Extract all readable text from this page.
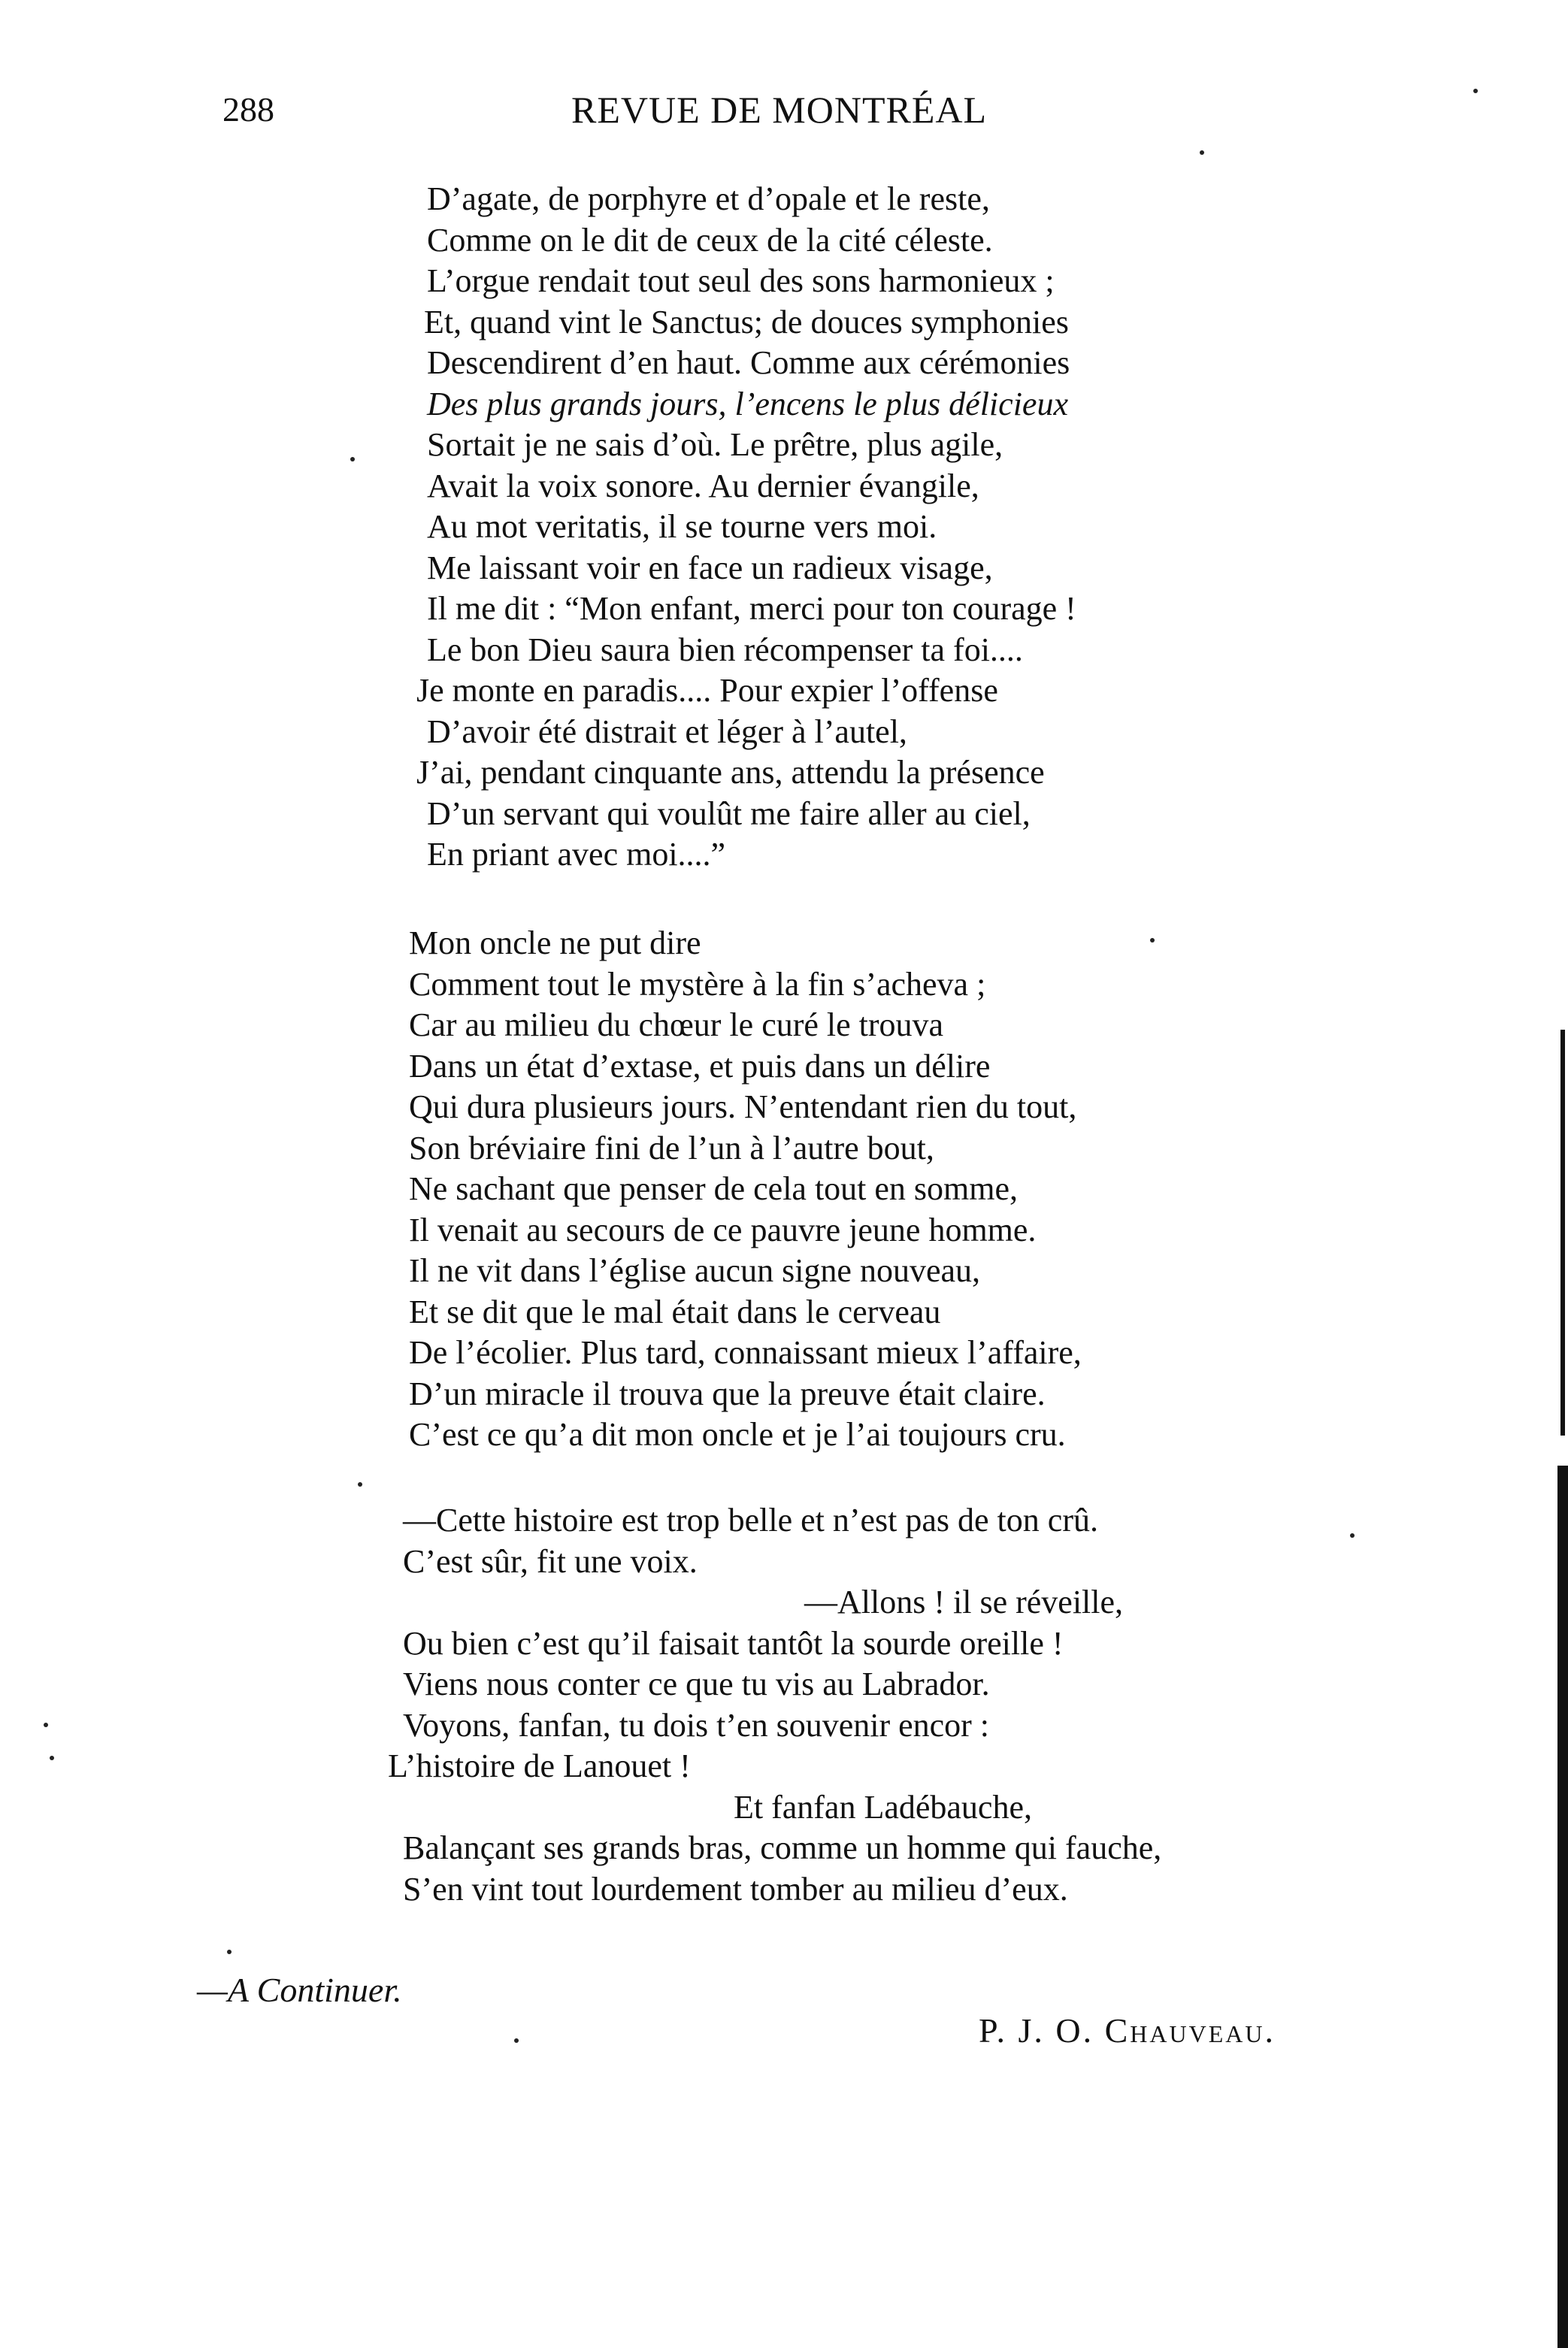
288	REVUE DE MONTRÉAL
D’agate, de porphyre et d’opale et le reste,
Comme on le dit de ceux de la cité céleste.
L’orgue rendait tout seul des sons harmonieux ;
Et, quand vint le Sanctus; de douces symphonies
Descendirent d’en haut. Comme aux cérémonies
Des plus grands jours, l’encens le plus délicieux
Sortait je ne sais d’où. Le prêtre, plus agile,
Avait la voix sonore. Au dernier évangile,
Au mot veritatis, il se tourne vers moi.
Me laissant voir en face un radieux visage,
Il me dit : “Mon enfant, merci pour ton courage !
Le bon Dieu saura bien récompenser ta foi....
Je monte en paradis.... Pour expier l’offense
D’avoir été distrait et léger à l’autel,
J’ai, pendant cinquante ans, attendu la présence
D’un servant qui voulût me faire aller au ciel,
En priant avec moi....”
Mon oncle ne put dire
Comment tout le mystère à la fin s’acheva ;
Car au milieu du chœur le curé le trouva
Dans un état d’extase, et puis dans un délire
Qui dura plusieurs jours. N’entendant rien du tout,
Son bréviaire fini de l’un à l’autre bout,
Ne sachant que penser de cela tout en somme,
Il venait au secours de ce pauvre jeune homme.
Il ne vit dans l’église aucun signe nouveau,
Et se dit que le mal était dans le cerveau
De l’écolier. Plus tard, connaissant mieux l’affaire,
D’un miracle il trouva que la preuve était claire.
C’est ce qu’a dit mon oncle et je l’ai toujours cru.
—Cette histoire est trop belle et n’est pas de ton crû.
C’est sûr, fit une voix.
—Allons ! il se réveille,
Ou bien c’est qu’il faisait tantôt la sourde oreille !
Viens nous conter ce que tu vis au Labrador.
Voyons, fanfan, tu dois t’en souvenir encor :
L’histoire de Lanouet !
Et fanfan Ladébauche,
Balançant ses grands bras, comme un homme qui fauche,
S’en vint tout lourdement tomber au milieu d’eux.
—A Continuer.
P. J. O. Chauveau.
